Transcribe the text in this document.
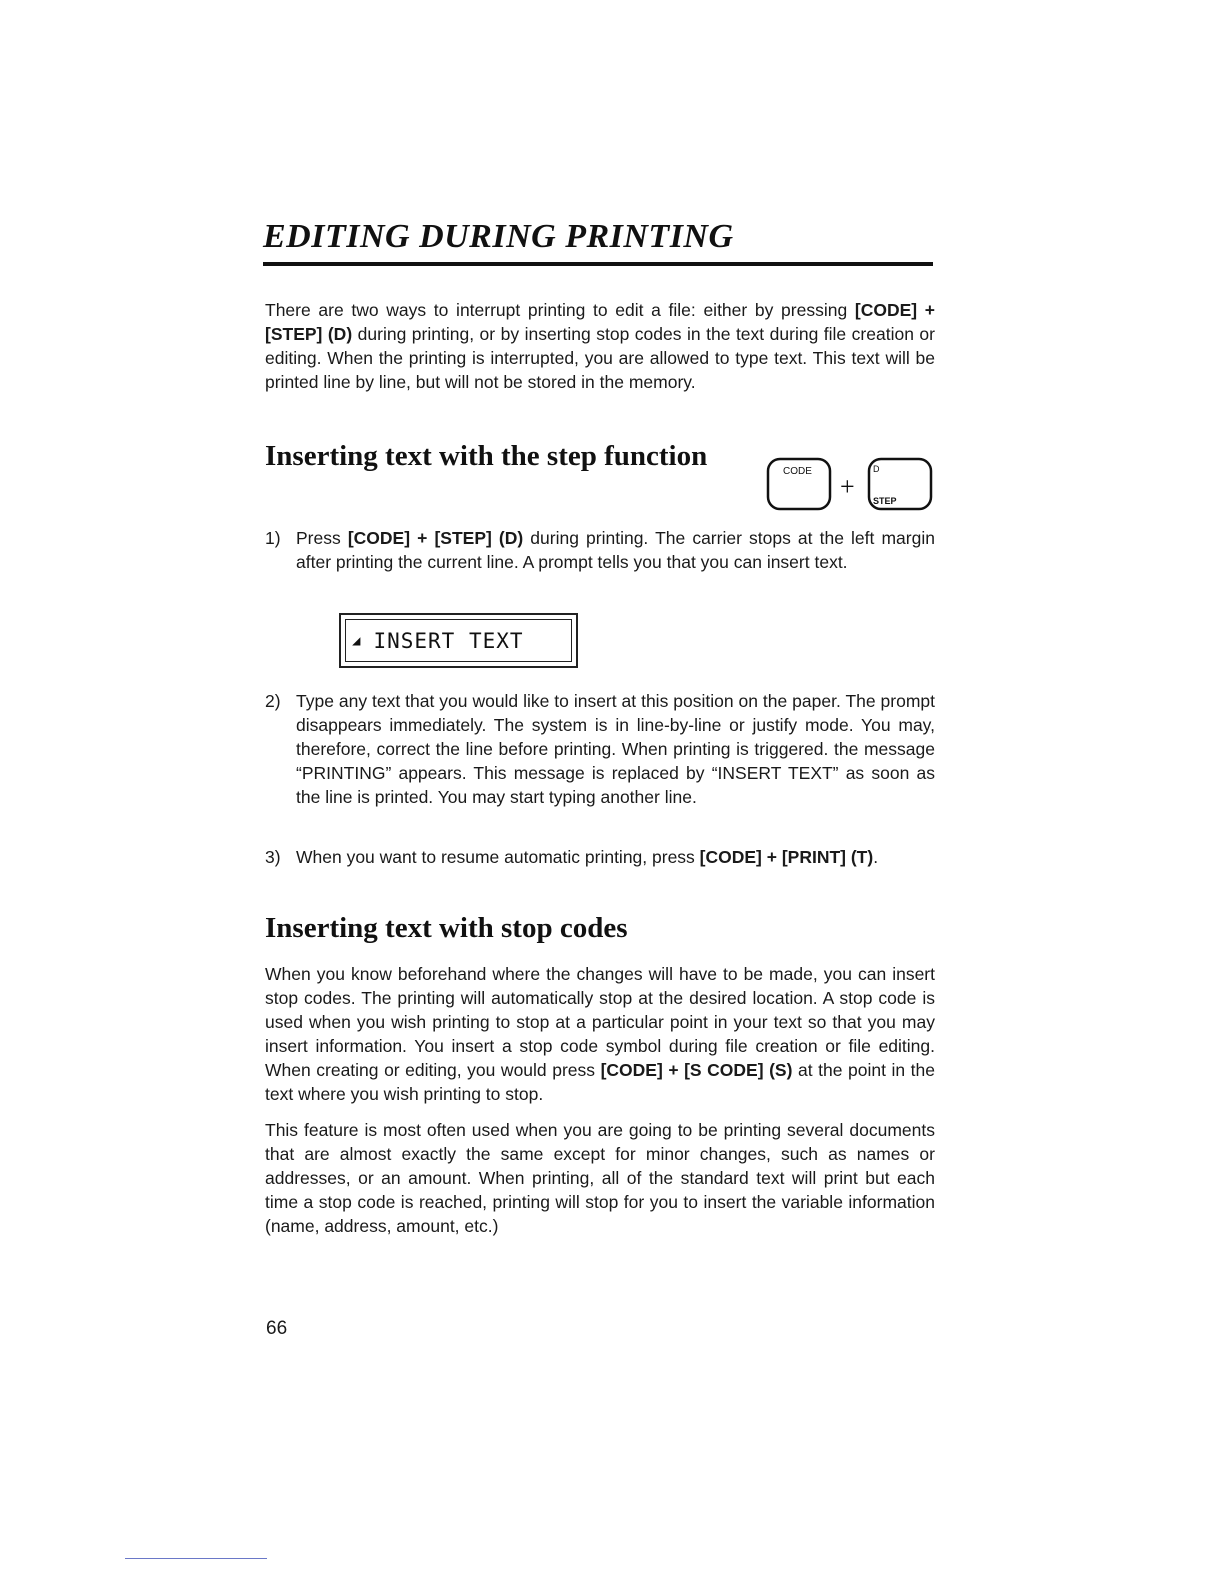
EDITING DURING PRINTING

There are two ways to interrupt printing to edit a file: either by pressing [CODE] + [STEP] (D) during printing, or by inserting stop codes in the text during file creation or editing. When the printing is interrupted, you are allowed to type text. This text will be printed line by line, but will not be stored in the memory.

Inserting text with the step function	CODE
+
D
STEP

1) Press [CODE] + [STEP] (D) during printing. The carrier stops at the left margin after printing the current line. A prompt tells you that you can insert text.

◢ INSERT TEXT

2) Type any text that you would like to insert at this position on the paper. The prompt disappears immediately. The system is in line-by-line or justify mode. You may, therefore, correct the line before printing. When printing is triggered. the message “PRINTING” appears. This message is replaced by “INSERT TEXT” as soon as the line is printed. You may start typing another line.

3) When you want to resume automatic printing, press [CODE] + [PRINT] (T).

Inserting text with stop codes

When you know beforehand where the changes will have to be made, you can insert stop codes. The printing will automatically stop at the desired location. A stop code is used when you wish printing to stop at a particular point in your text so that you may insert information. You insert a stop code symbol during file creation or file editing. When creating or editing, you would press [CODE] + [S CODE] (S) at the point in the text where you wish printing to stop.

This feature is most often used when you are going to be printing several documents that are almost exactly the same except for minor changes, such as names or addresses, or an amount. When printing, all of the standard text will print but each time a stop code is reached, printing will stop for you to insert the variable information (name, address, amount, etc.)

66
